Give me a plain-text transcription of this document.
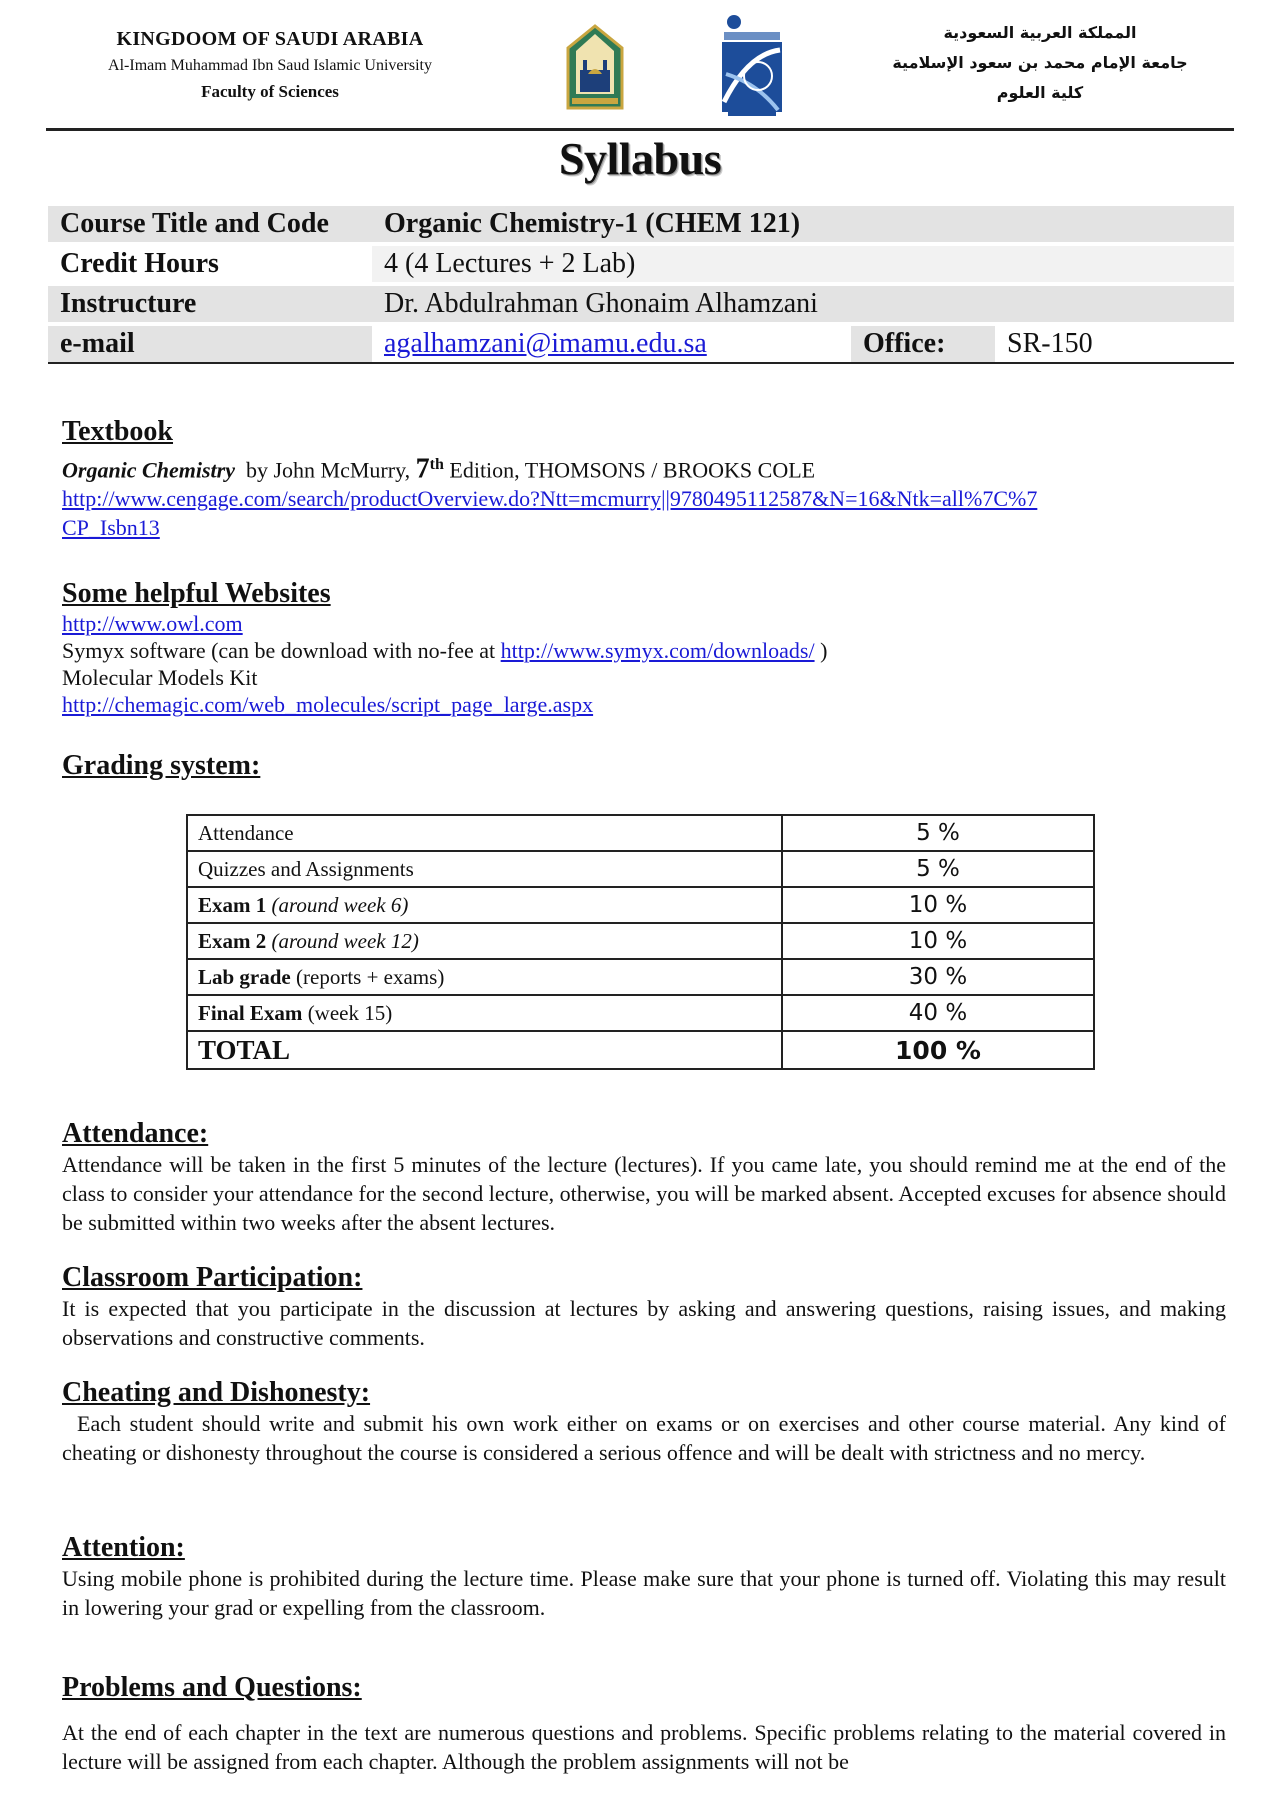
KINGDOOM OF SAUDI ARABIA
Al-Imam Muhammad Ibn Saud Islamic University
Faculty of Sciences
المملكة العربية السعودية
جامعة الإمام محمد بن سعود الإسلامية
كلية العلوم
Syllabus
Course Title and Code	Organic Chemistry-1 (CHEM 121)		
Credit Hours	4 (4 Lectures + 2 Lab)		
Instructure	Dr. Abdulrahman Ghonaim Alhamzani		
e-mail	agalhamzani@imamu.edu.sa	Office:	SR-150
Textbook
Organic Chemistry by John McMurry, 7th Edition, THOMSONS / BROOKS COLE
http://www.cengage.com/search/productOverview.do?Ntt=mcmurry||9780495112587&N=16&Ntk=all%7C%7
CP_Isbn13
Some helpful Websites
http://www.owl.com
Symyx software (can be download with no-fee at http://www.symyx.com/downloads/ )
Molecular Models Kit
http://chemagic.com/web_molecules/script_page_large.aspx
Grading system:
Attendance	5 %
Quizzes and Assignments	5 %
Exam 1 (around week 6)	10 %
Exam 2 (around week 12)	10 %
Lab grade (reports + exams)	30 %
Final Exam (week 15)	40 %
TOTAL	100 %
Attendance:
Attendance will be taken in the first 5 minutes of the lecture (lectures). If you came late, you should remind me at the end of the class to consider your attendance for the second lecture, otherwise, you will be marked absent. Accepted excuses for absence should be submitted within two weeks after the absent lectures.
Classroom Participation:
It is expected that you participate in the discussion at lectures by asking and answering questions, raising issues, and making observations and constructive comments.
Cheating and Dishonesty:
Each student should write and submit his own work either on exams or on exercises and other course material. Any kind of cheating or dishonesty throughout the course is considered a serious offence and will be dealt with strictness and no mercy.
Attention:
Using mobile phone is prohibited during the lecture time. Please make sure that your phone is turned off. Violating this may result in lowering your grad or expelling from the classroom.
Problems and Questions:
At the end of each chapter in the text are numerous questions and problems. Specific problems relating to the material covered in lecture will be assigned from each chapter. Although the problem assignments will not be
